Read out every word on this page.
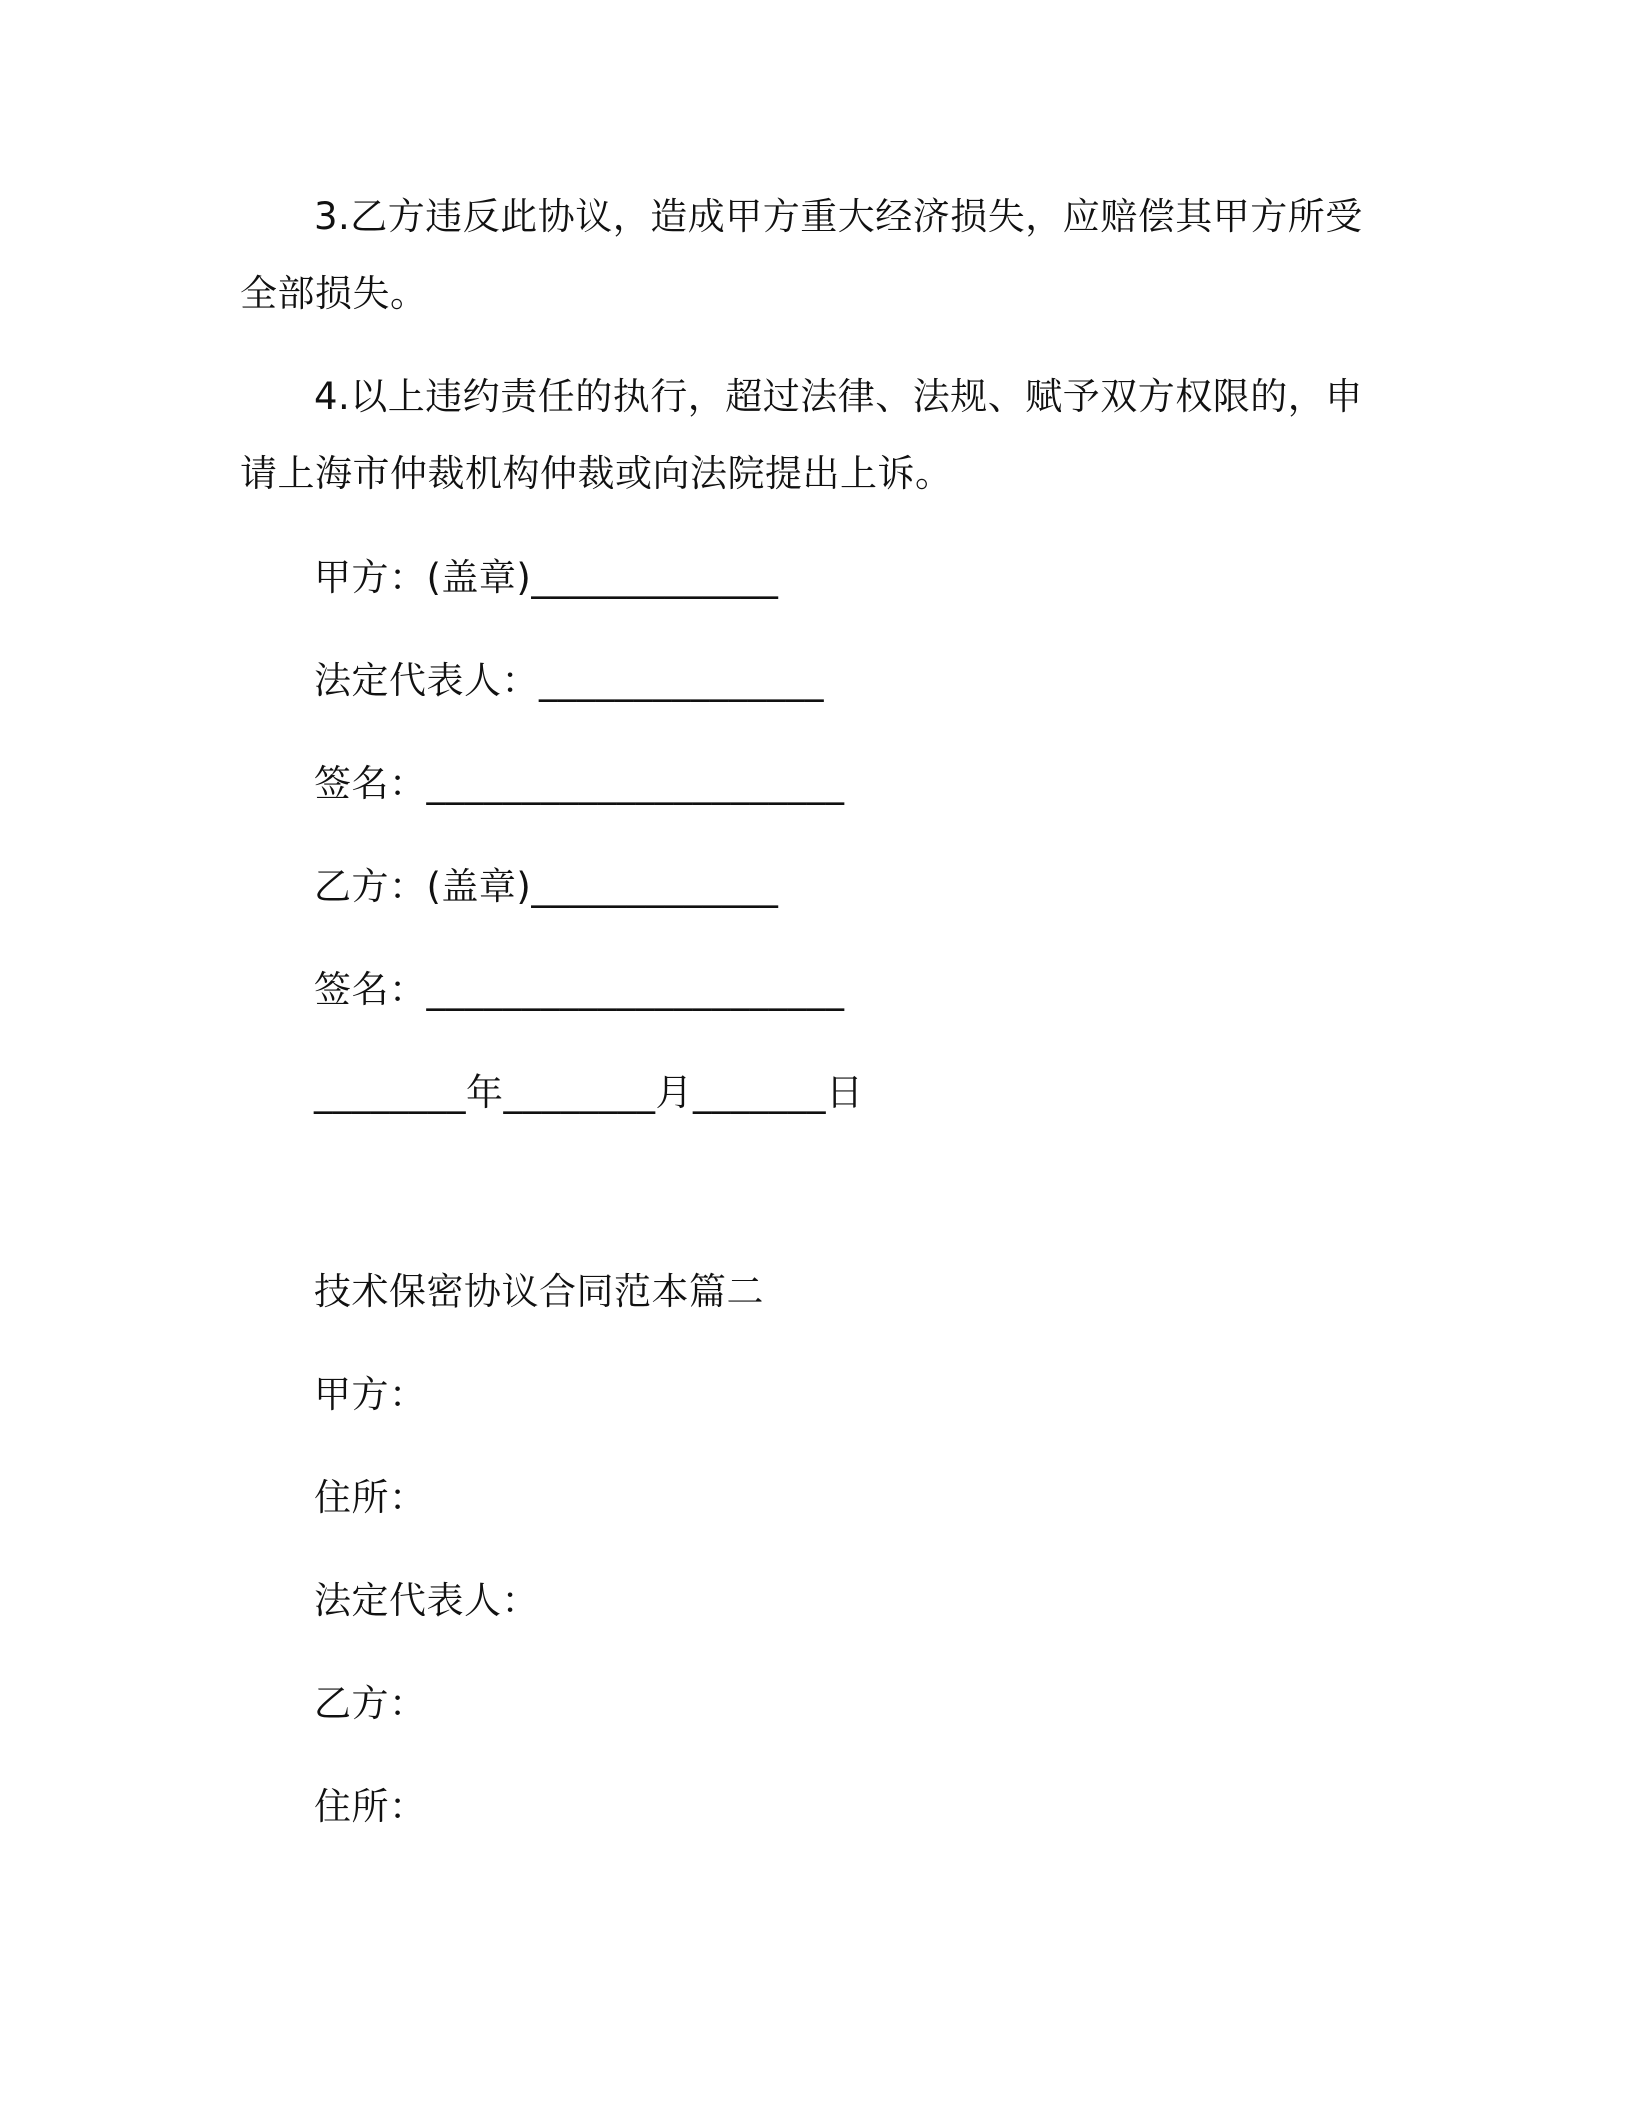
3.乙方违反此协议，造成甲方重大经济损失，应赔偿其甲方所受
全部损失。
4.以上违约责任的执行，超过法律、法规、赋予双方权限的，申
请上海市仲裁机构仲裁或向法院提出上诉。
甲方：(盖章)_____________
法定代表人：_______________
签名：______________________
乙方：(盖章)_____________
签名：______________________
________年________月_______日
技术保密协议合同范本篇二
甲方：
住所：
法定代表人：
乙方：
住所：
